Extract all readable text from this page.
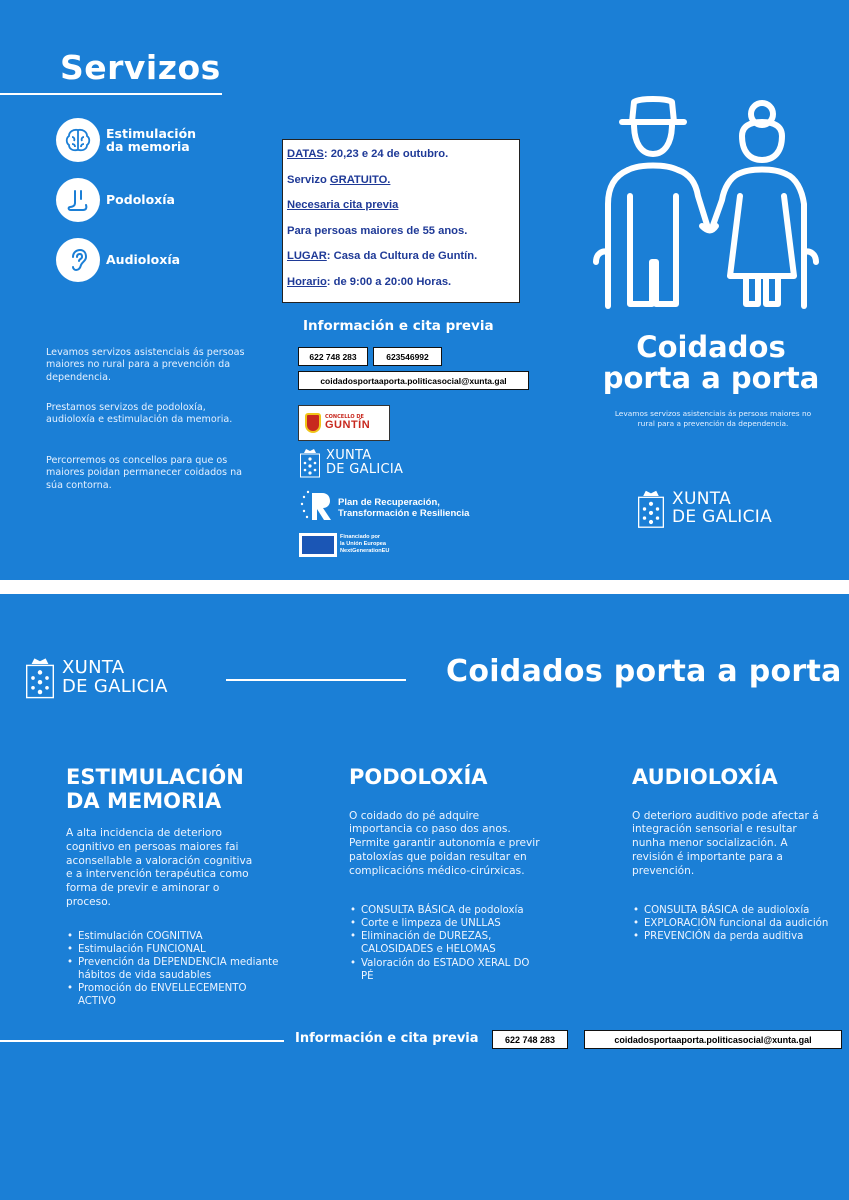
Servizos
Estimulación
da memoria
Podoloxía
Audioloxía

Levamos servizos asistenciais ás persoas maiores no rural para a prevención da dependencia.

Prestamos servizos de podoloxía, audioloxía e estimulación da memoria.

Percorremos os concellos para que os maiores poidan permanecer coidados na súa contorna.

DATAS: 20,23 e 24 de outubro.

Servizo GRATUITO.

Necesaria cita previa

Para persoas maiores de 55 anos.

LUGAR: Casa da Cultura de Guntín.

Horario: de 9:00 a 20:00 Horas.

Información e cita previa
622 748 283	623546992
coidadosportaaporta.politicasocial@xunta.gal
CONCELLO DE
GUNTÍN
XUNTA
DE GALICIA
Plan de Recuperación,
Transformación e Resiliencia
Financiado por
la Unión Europea
NextGenerationEU
Coidados
porta a porta
Levamos servizos asistenciais ás persoas maiores no rural para a prevención da dependencia.
XUNTA
DE GALICIA
XUNTA
DE GALICIA	Coidados porta a porta
ESTIMULACIÓN
DA MEMORIA

A alta incidencia de deterioro cognitivo en persoas maiores fai aconsellable a valoración cognitiva e a intervención terapéutica como forma de previr e aminorar o proceso.

• Estimulación COGNITIVA
• Estimulación FUNCIONAL
• Prevención da DEPENDENCIA mediante hábitos de vida saudables
• Promoción do ENVELLECEMENTO ACTIVO
PODOLOXÍA

O coidado do pé adquire importancia co paso dos anos. Permite garantir autonomía e previr patoloxías que poidan resultar en complicacións médico-cirúrxicas.

• CONSULTA BÁSICA de podoloxía
• Corte e limpeza de UNLLAS
• Eliminación de DUREZAS, CALOSIDADES e HELOMAS
• Valoración do ESTADO XERAL DO PÉ
AUDIOLOXÍA

O deterioro auditivo pode afectar á integración sensorial e resultar nunha menor socialización. A revisión é importante para a prevención.

• CONSULTA BÁSICA de audioloxía
• EXPLORACIÓN funcional da audición
• PREVENCIÓN da perda auditiva
Información e cita previa	622 748 283	coidadosportaaporta.politicasocial@xunta.gal
